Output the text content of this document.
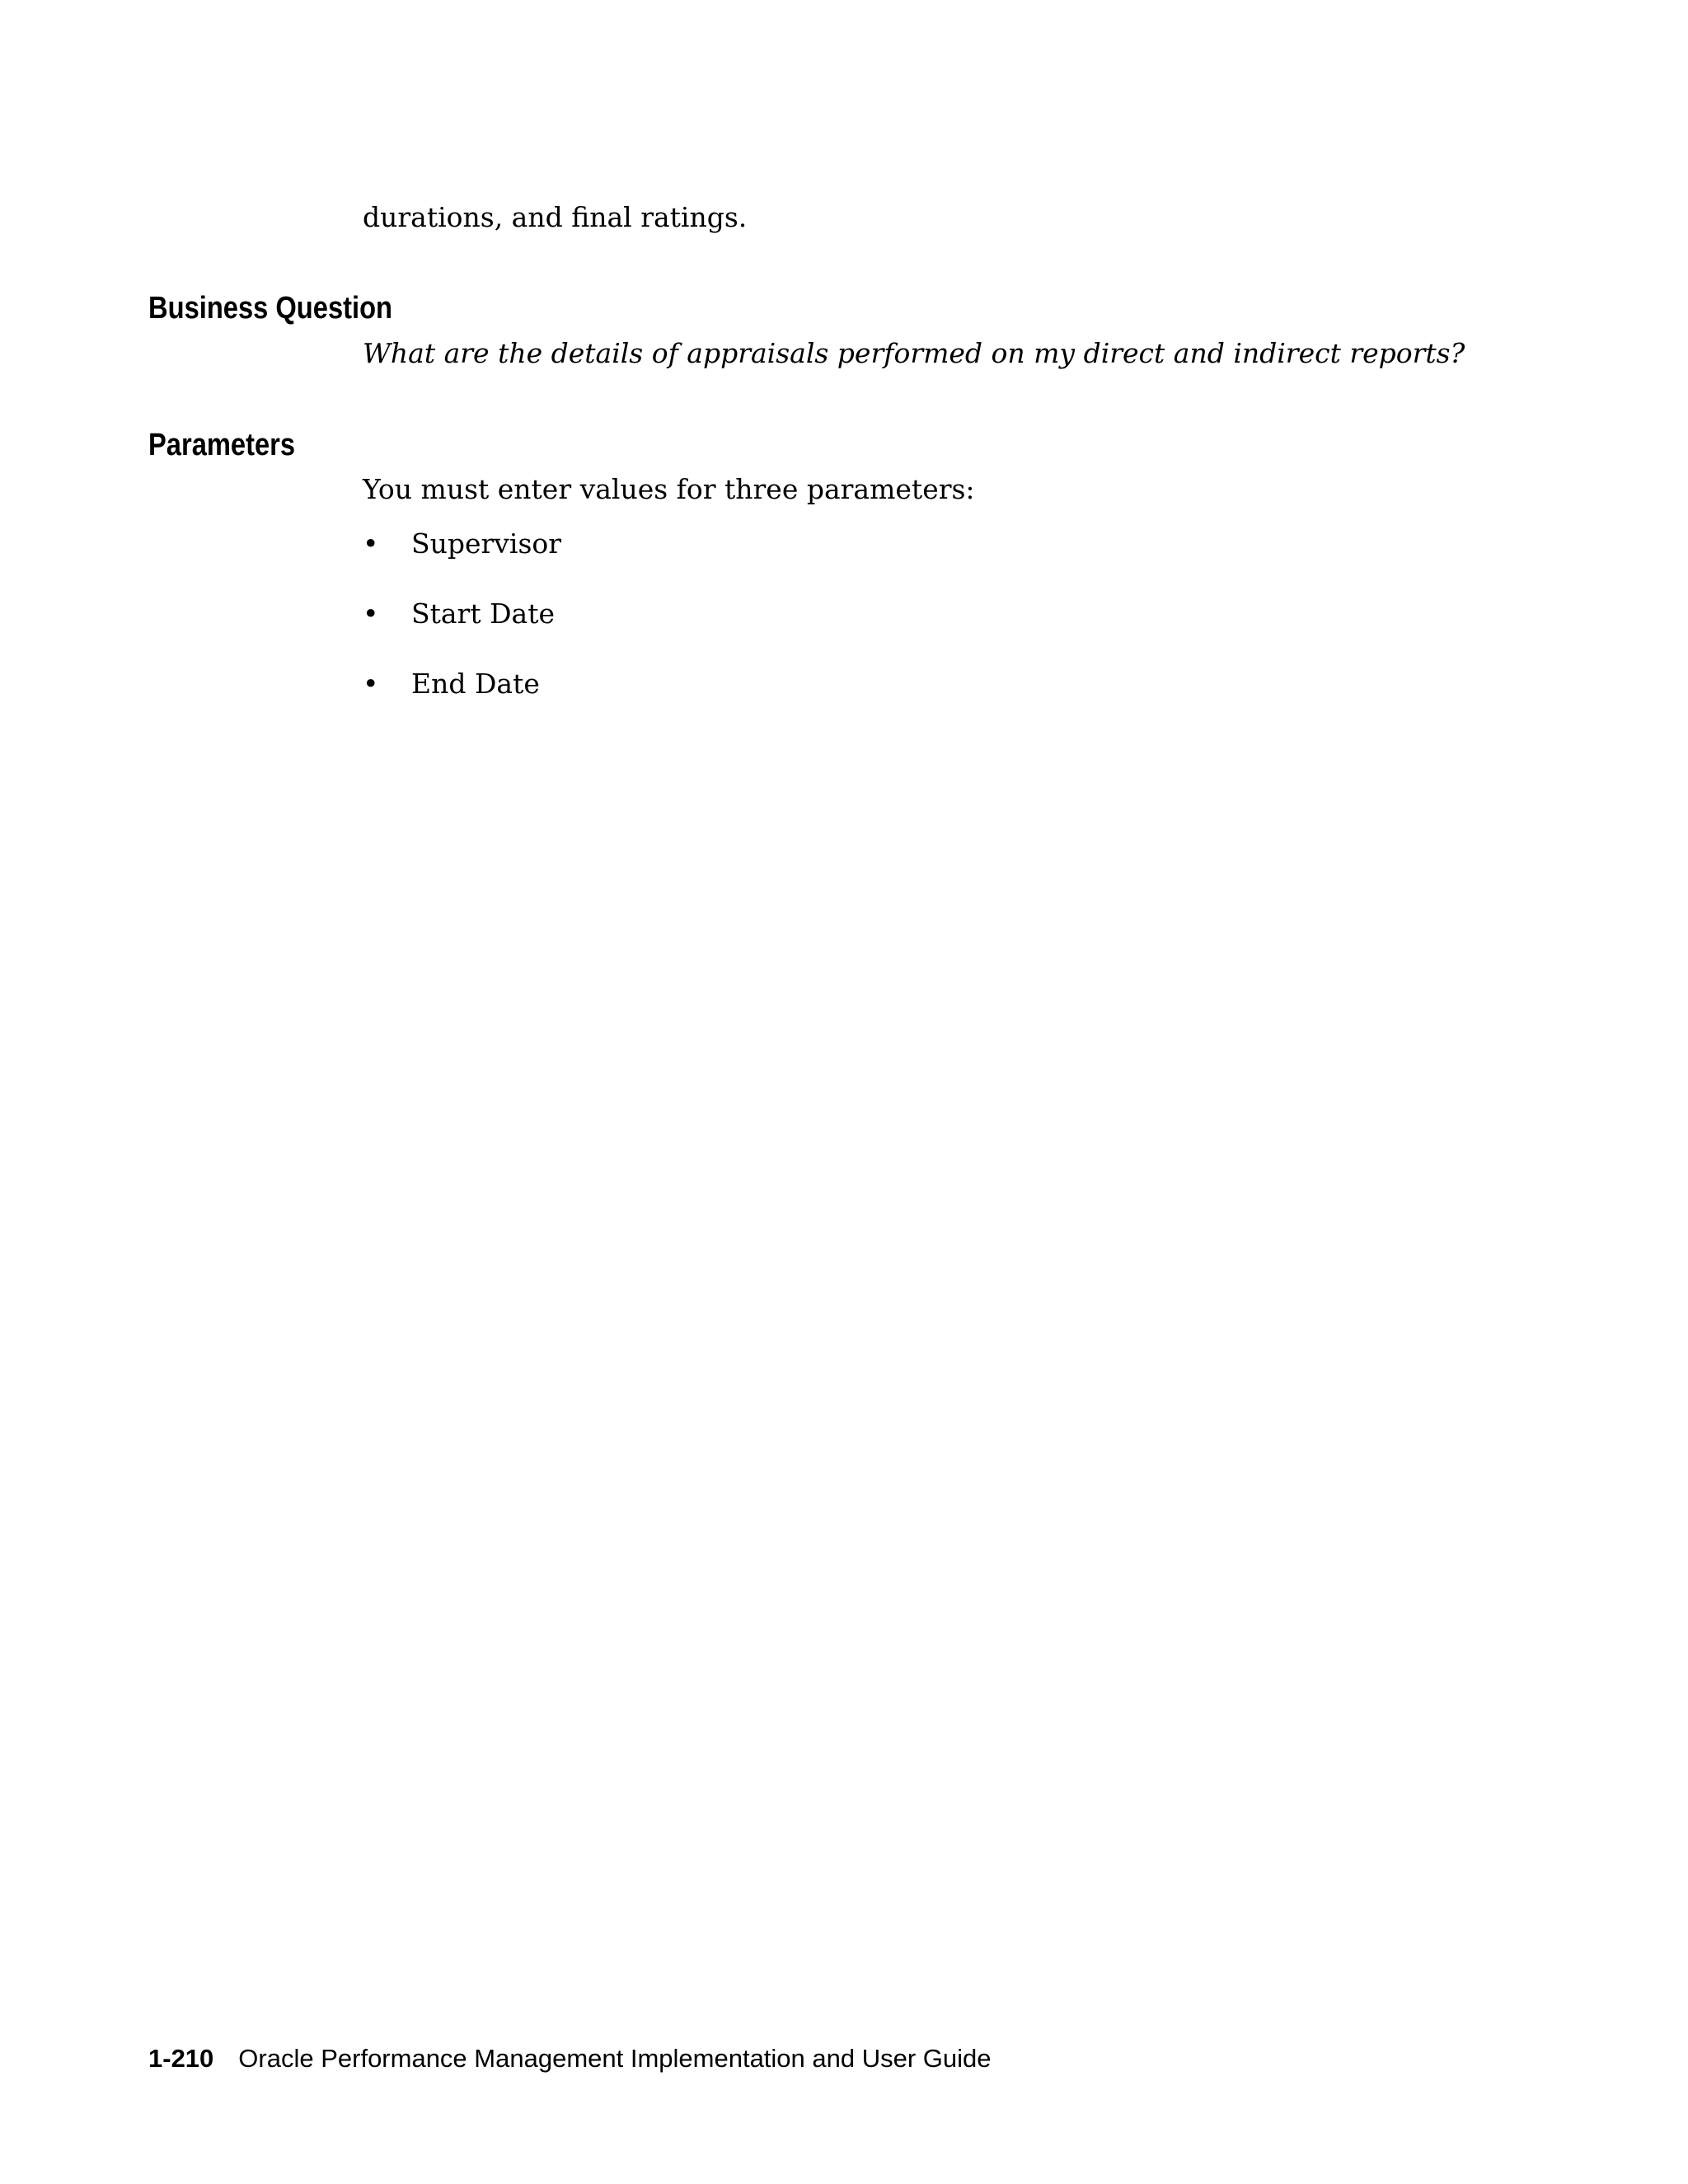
durations, and final ratings.

Business Question

What are the details of appraisals performed on my direct and indirect reports?

Parameters

You must enter values for three parameters:

• Supervisor
• Start Date
• End Date
1-210 Oracle Performance Management Implementation and User Guide
